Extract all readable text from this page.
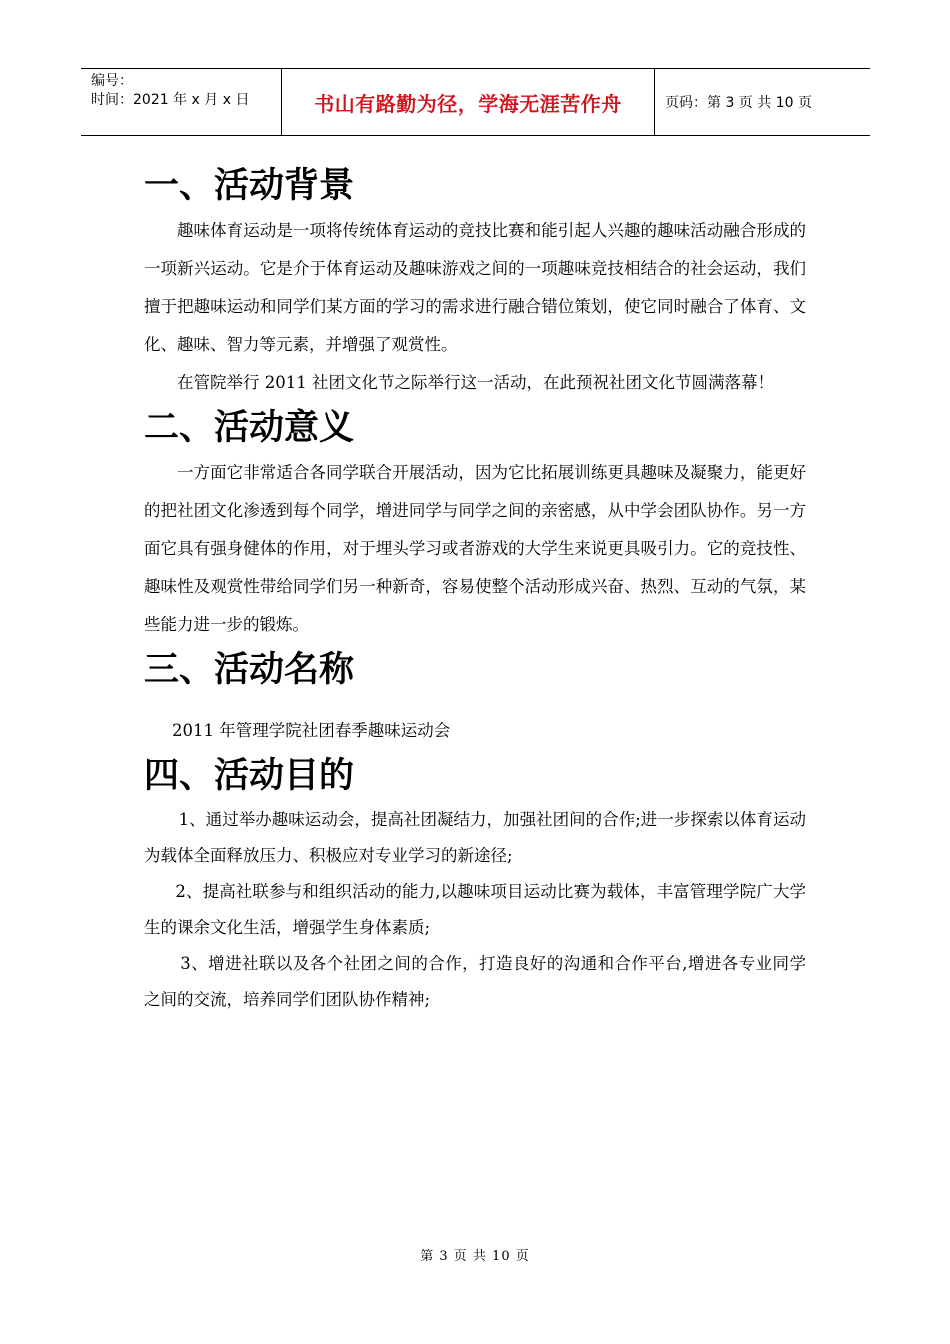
编号：
时间：2021 年 x 月 x 日	书山有路勤为径，学海无涯苦作舟	页码：第 3 页 共 10 页
一、活动背景

趣味体育运动是一项将传统体育运动的竞技比赛和能引起人兴趣的趣味活动融合形成的一项新兴运动。它是介于体育运动及趣味游戏之间的一项趣味竞技相结合的社会运动，我们擅于把趣味运动和同学们某方面的学习的需求进行融合错位策划，使它同时融合了体育、文化、趣味、智力等元素，并增强了观赏性。

在管院举行 2011 社团文化节之际举行这一活动，在此预祝社团文化节圆满落幕！

二、活动意义

一方面它非常适合各同学联合开展活动，因为它比拓展训练更具趣味及凝聚力，能更好的把社团文化渗透到每个同学，增进同学与同学之间的亲密感，从中学会团队协作。另一方面它具有强身健体的作用，对于埋头学习或者游戏的大学生来说更具吸引力。它的竞技性、趣味性及观赏性带给同学们另一种新奇，容易使整个活动形成兴奋、热烈、互动的气氛，某些能力进一步的锻炼。

三、活动名称
2011 年管理学院社团春季趣味运动会
四、活动目的

1、通过举办趣味运动会，提高社团凝结力，加强社团间的合作;进一步探索以体育运动为载体全面释放压力、积极应对专业学习的新途径;

2、提高社联参与和组织活动的能力,以趣味项目运动比赛为载体，丰富管理学院广大学生的课余文化生活，增强学生身体素质;

3、增进社联以及各个社团之间的合作，打造良好的沟通和合作平台,增进各专业同学之间的交流，培养同学们团队协作精神;

第 3 页 共 10 页
